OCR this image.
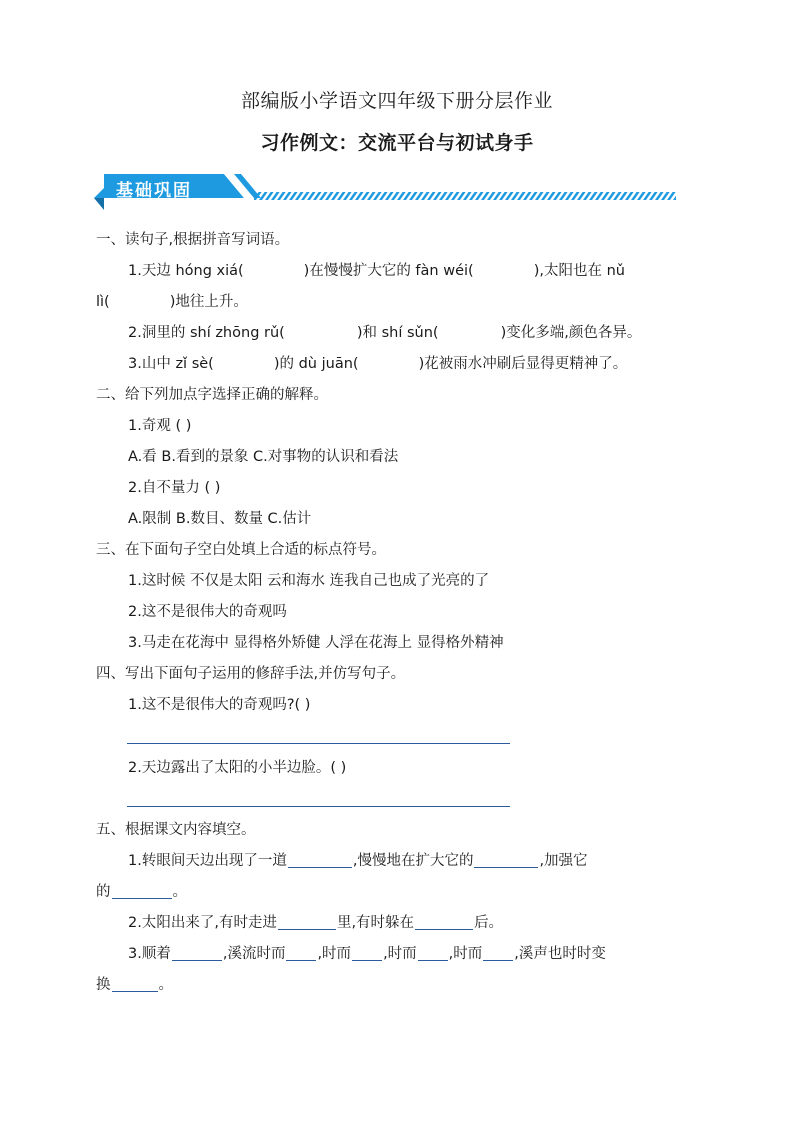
部编版小学语文四年级下册分层作业
习作例文：交流平台与初试身手
基础巩固
一、读句子,根据拼音写词语。
1.天边 hóng xiá(	)在慢慢扩大它的 fàn wéi(	),太阳也在 nǔ
lì(	)地往上升。
2.洞里的 shí zhōng rǔ(	)和 shí sǔn(	)变化多端,颜色各异。
3.山中 zǐ sè(	)的 dù juān(	)花被雨水冲刷后显得更精神了。
二、给下列加点字选择正确的解释。
1.奇观 ( )
A.看 B.看到的景象 C.对事物的认识和看法
2.自不量力 ( )
A.限制 B.数目、数量 C.估计
三、在下面句子空白处填上合适的标点符号。
1.这时候 不仅是太阳 云和海水 连我自己也成了光亮的了
2.这不是很伟大的奇观吗
3.马走在花海中 显得格外矫健 人浮在花海上 显得格外精神
四、写出下面句子运用的修辞手法,并仿写句子。
1.这不是很伟大的奇观吗?( )
2.天边露出了太阳的小半边脸。( )
五、根据课文内容填空。
1.转眼间天边出现了一道	,慢慢地在扩大它的	,加强它
的	。
2.太阳出来了,有时走进	里,有时躲在	后。
3.顺着	,溪流时而 ,时而 ,时而 ,时而 ,溪声也时时变
换	。
